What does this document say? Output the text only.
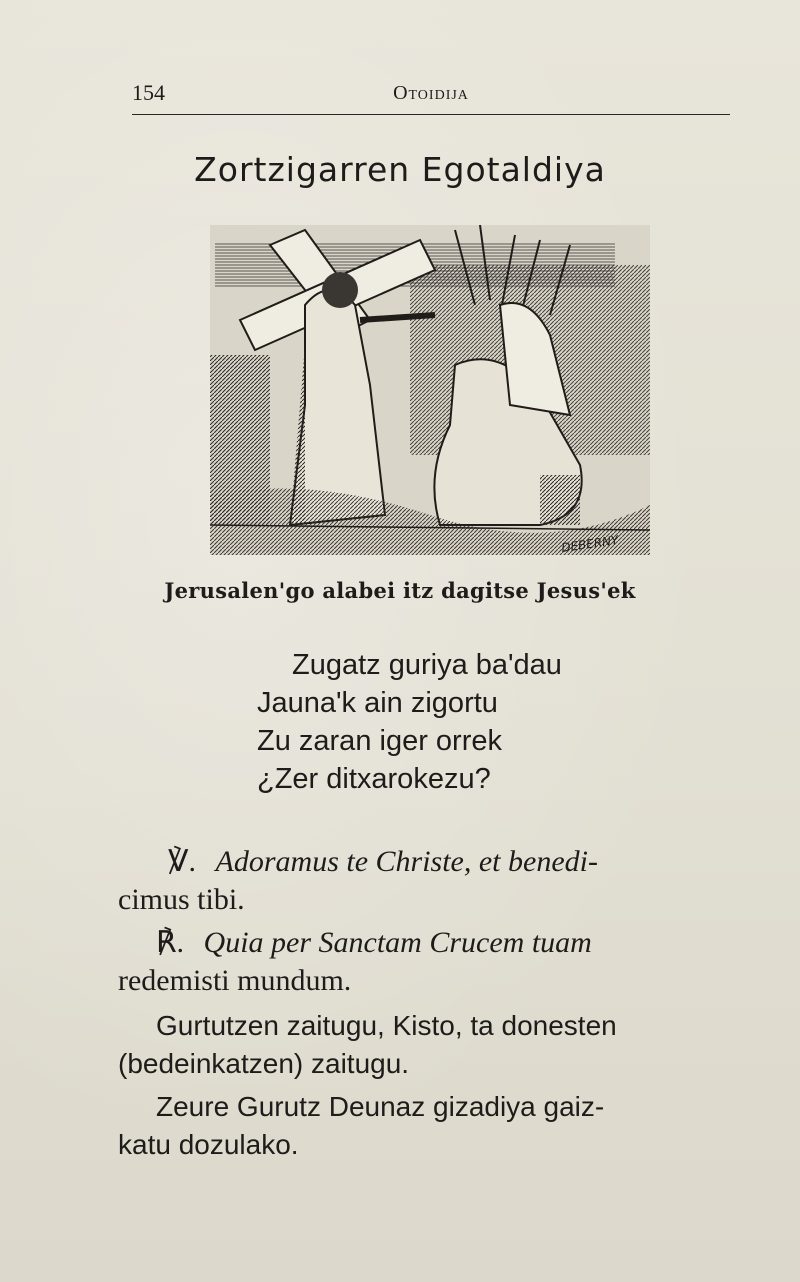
154	Otoidija
Zortzigarren Egotaldiya
DEBERNY
Jerusalen'go alabei itz dagitse Jesus'ek
Zugatz guriya ba'dau
Jauna'k ain zigortu
Zu zaran iger orrek
¿Zer ditxarokezu?
℣. Adoramus te Christe, et benedi-
cimus tibi.
℟. Quia per Sanctam Crucem tuam
redemisti mundum.
Gurtutzen zaitugu, Kisto, ta donesten
(bedeinkatzen) zaitugu.
Zeure Gurutz Deunaz gizadiya gaiz-
katu dozulako.
